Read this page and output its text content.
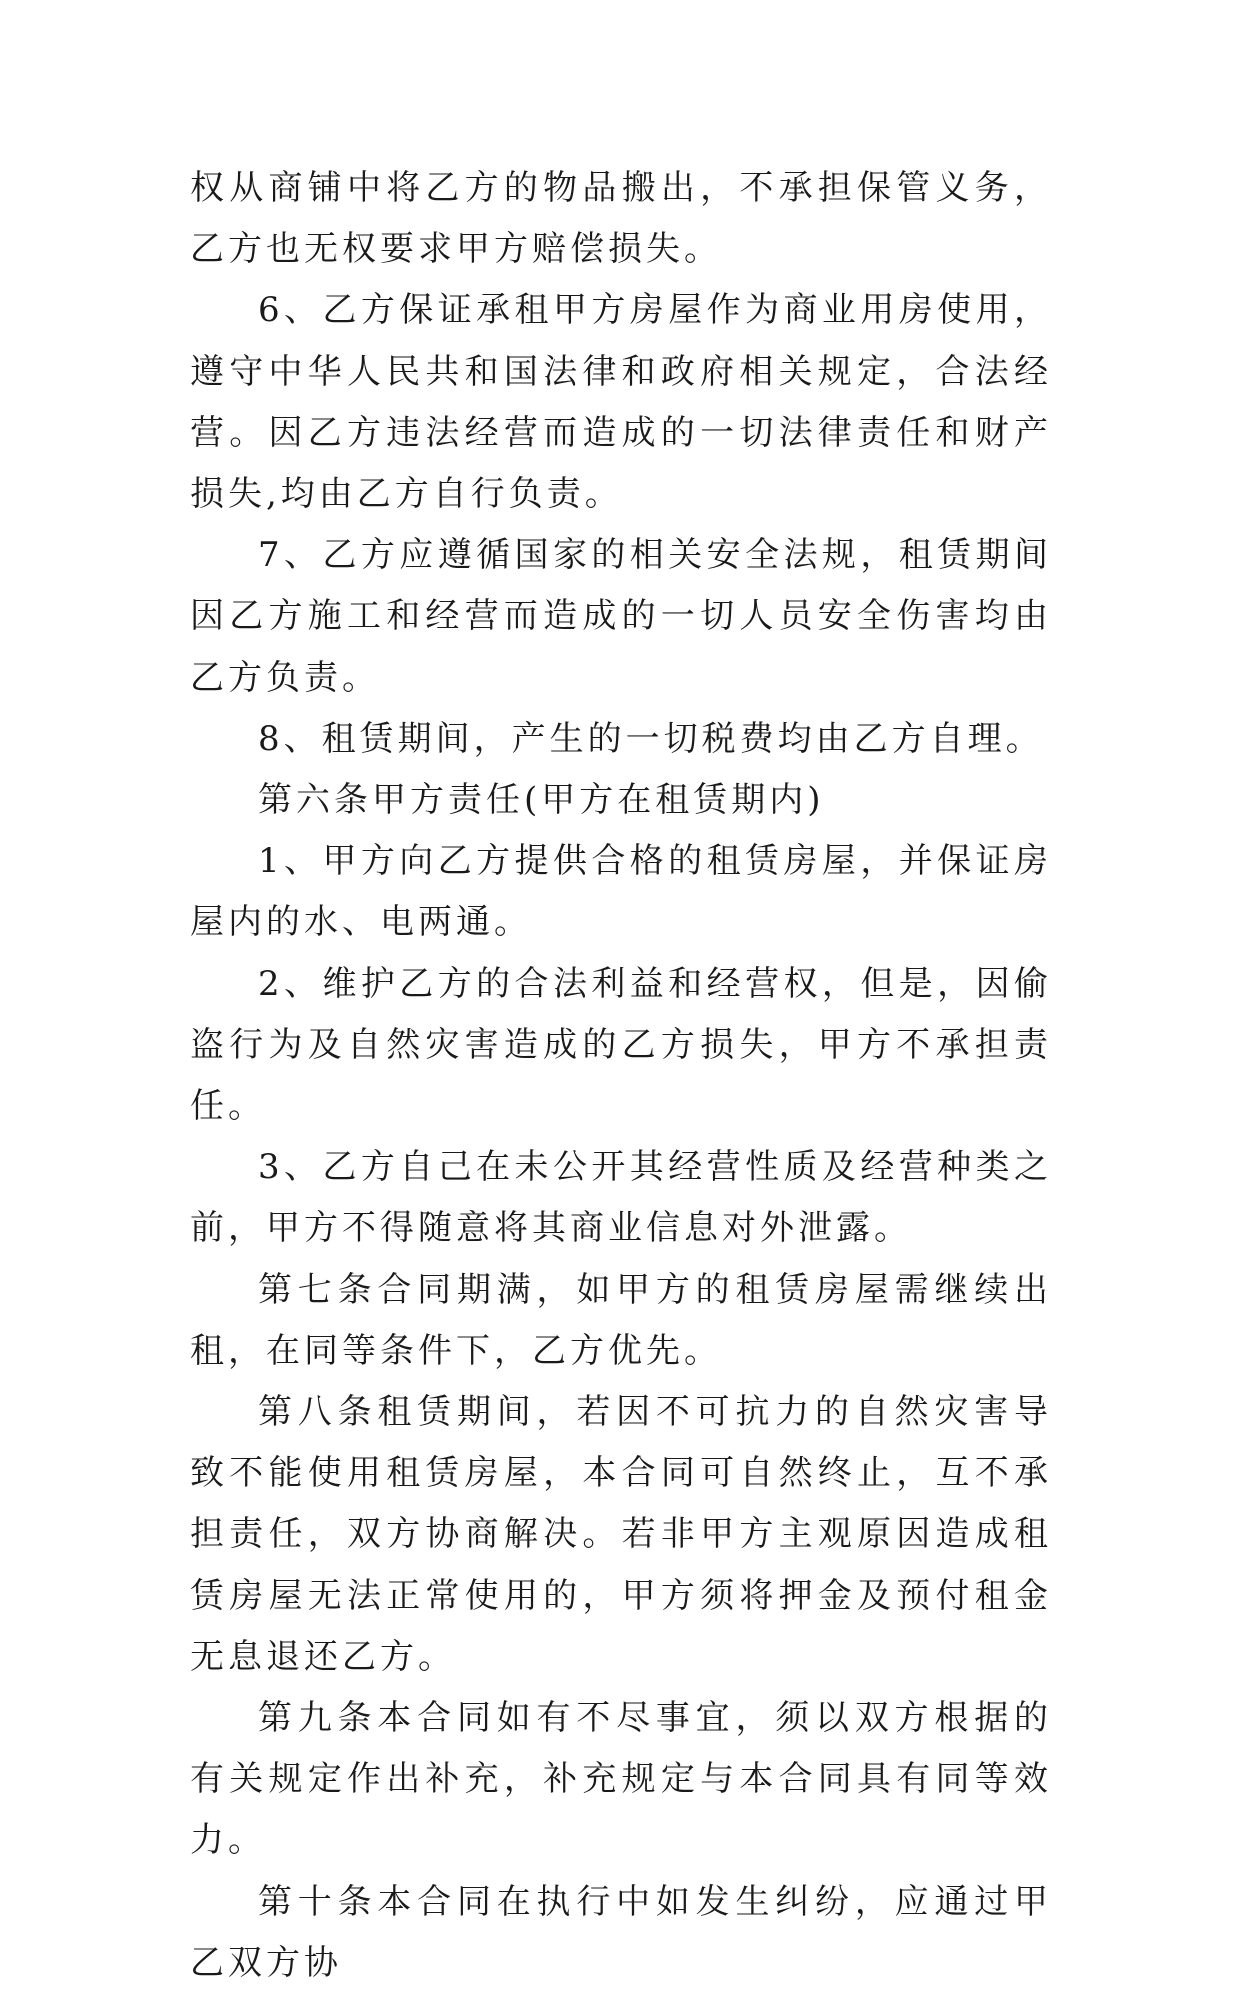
权从商铺中将乙方的物品搬出，不承担保管义务，乙方也无权要求甲方赔偿损失。

6、乙方保证承租甲方房屋作为商业用房使用，遵守中华人民共和国法律和政府相关规定，合法经营。因乙方违法经营而造成的一切法律责任和财产损失,均由乙方自行负责。

7、乙方应遵循国家的相关安全法规，租赁期间因乙方施工和经营而造成的一切人员安全伤害均由乙方负责。

8、租赁期间，产生的一切税费均由乙方自理。

第六条甲方责任(甲方在租赁期内)

1、甲方向乙方提供合格的租赁房屋，并保证房屋内的水、电两通。

2、维护乙方的合法利益和经营权，但是，因偷盗行为及自然灾害造成的乙方损失，甲方不承担责任。

3、乙方自己在未公开其经营性质及经营种类之前，甲方不得随意将其商业信息对外泄露。

第七条合同期满，如甲方的租赁房屋需继续出租，在同等条件下，乙方优先。

第八条租赁期间，若因不可抗力的自然灾害导致不能使用租赁房屋，本合同可自然终止，互不承担责任，双方协商解决。若非甲方主观原因造成租赁房屋无法正常使用的，甲方须将押金及预付租金无息退还乙方。

第九条本合同如有不尽事宜，须以双方根据的有关规定作出补充，补充规定与本合同具有同等效力。

第十条本合同在执行中如发生纠纷，应通过甲乙双方协
